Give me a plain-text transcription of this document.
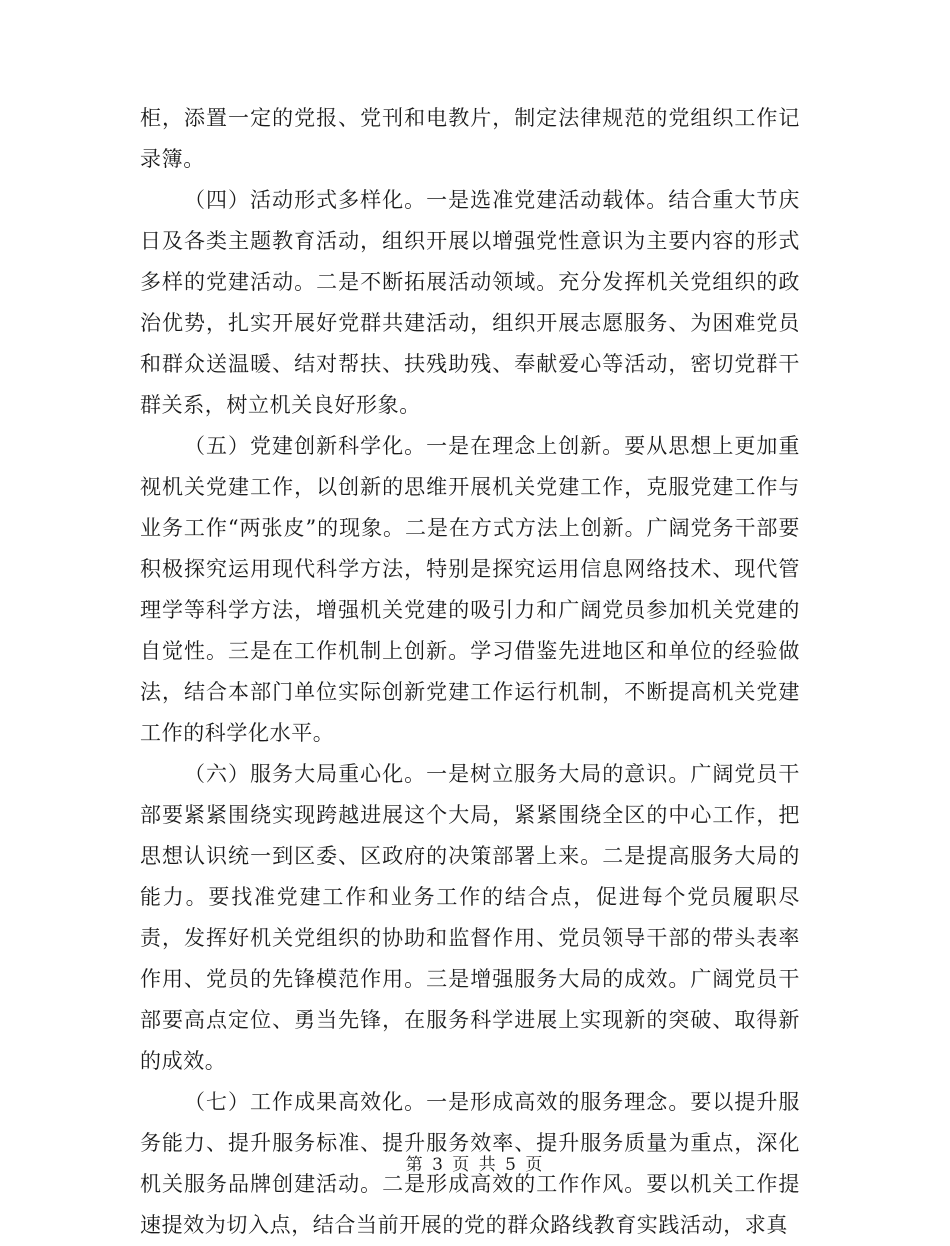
柜，添置一定的党报、党刊和电教片，制定法律规范的党组织工作记录簿。

（四）活动形式多样化。一是选准党建活动载体。结合重大节庆日及各类主题教育活动，组织开展以增强党性意识为主要内容的形式多样的党建活动。二是不断拓展活动领域。充分发挥机关党组织的政治优势，扎实开展好党群共建活动，组织开展志愿服务、为困难党员和群众送温暖、结对帮扶、扶残助残、奉献爱心等活动，密切党群干群关系，树立机关良好形象。

（五）党建创新科学化。一是在理念上创新。要从思想上更加重视机关党建工作，以创新的思维开展机关党建工作，克服党建工作与业务工作“两张皮”的现象。二是在方式方法上创新。广阔党务干部要积极探究运用现代科学方法，特别是探究运用信息网络技术、现代管理学等科学方法，增强机关党建的吸引力和广阔党员参加机关党建的自觉性。三是在工作机制上创新。学习借鉴先进地区和单位的经验做法，结合本部门单位实际创新党建工作运行机制，不断提高机关党建工作的科学化水平。

（六）服务大局重心化。一是树立服务大局的意识。广阔党员干部要紧紧围绕实现跨越进展这个大局，紧紧围绕全区的中心工作，把思想认识统一到区委、区政府的决策部署上来。二是提高服务大局的能力。要找准党建工作和业务工作的结合点，促进每个党员履职尽责，发挥好机关党组织的协助和监督作用、党员领导干部的带头表率作用、党员的先锋模范作用。三是增强服务大局的成效。广阔党员干部要高点定位、勇当先锋，在服务科学进展上实现新的突破、取得新的成效。

（七）工作成果高效化。一是形成高效的服务理念。要以提升服务能力、提升服务标准、提升服务效率、提升服务质量为重点，深化机关服务品牌创建活动。二是形成高效的工作作风。要以机关工作提速提效为切入点，结合当前开展的党的群众路线教育实践活动，求真

第 3 页 共 5 页
